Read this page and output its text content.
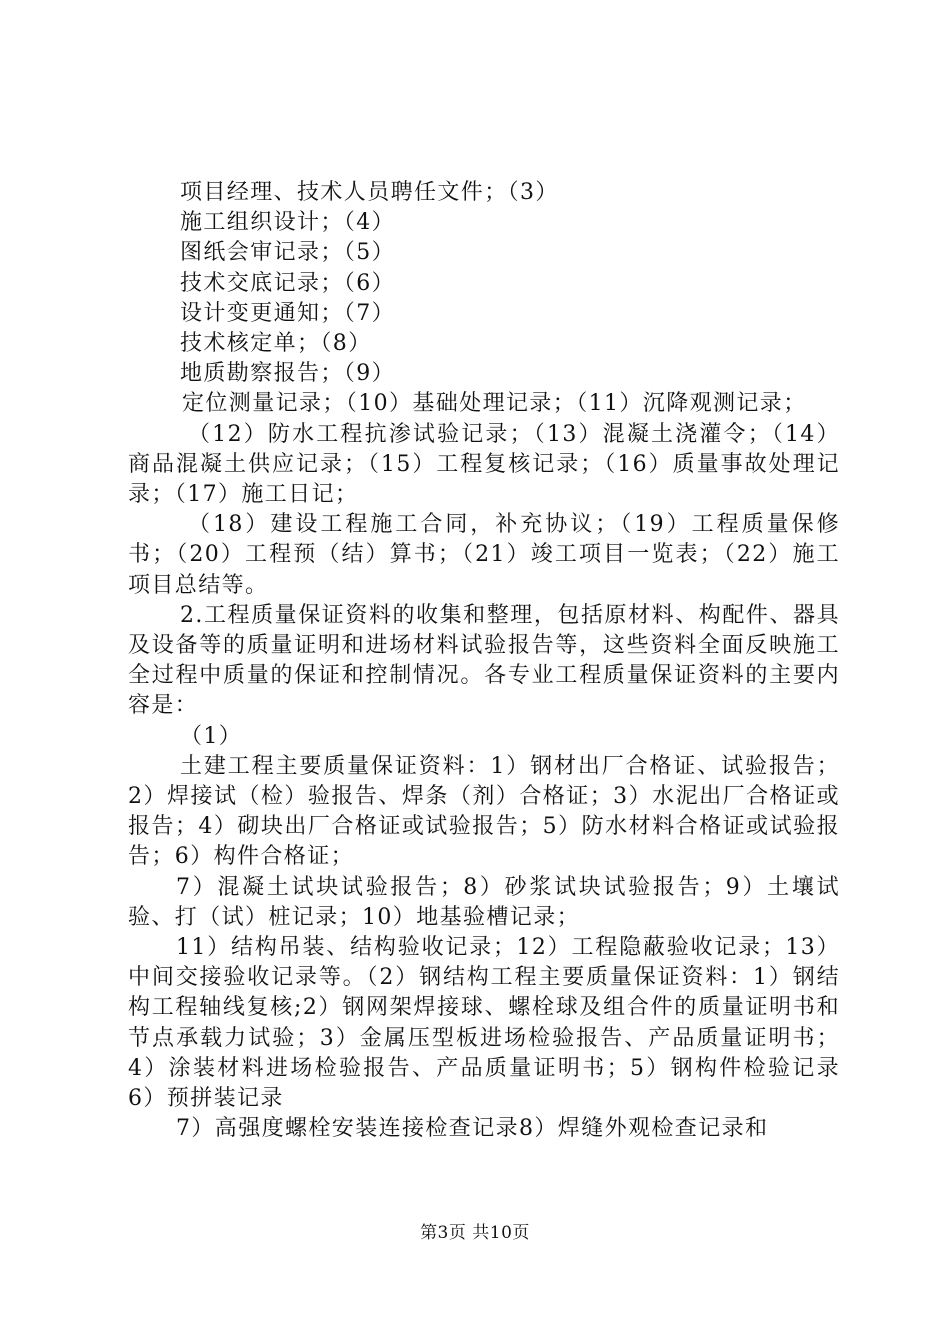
项目经理、技术人员聘任文件；（3）

施工组织设计；（4）

图纸会审记录；（5）

技术交底记录；（6）

设计变更通知；（7）

技术核定单；（8）

地质勘察报告；（9）

定位测量记录；（10）基础处理记录；（11）沉降观测记录；

（12）防水工程抗渗试验记录；（13）混凝土浇灌令；（14）商品混凝土供应记录；（15）工程复核记录；（16）质量事故处理记录；（17）施工日记；

（18）建设工程施工合同，补充协议；（19）工程质量保修书；（20）工程预（结）算书；（21）竣工项目一览表；（22）施工项目总结等。

2.工程质量保证资料的收集和整理，包括原材料、构配件、器具及设备等的质量证明和进场材料试验报告等，这些资料全面反映施工全过程中质量的保证和控制情况。各专业工程质量保证资料的主要内容是：

（1）

土建工程主要质量保证资料：1）钢材出厂合格证、试验报告；2）焊接试（检）验报告、焊条（剂）合格证；3）水泥出厂合格证或报告；4）砌块出厂合格证或试验报告；5）防水材料合格证或试验报告；6）构件合格证；

7）混凝土试块试验报告；8）砂浆试块试验报告；9）土壤试验、打（试）桩记录；10）地基验槽记录；

11）结构吊装、结构验收记录；12）工程隐蔽验收记录；13）中间交接验收记录等。（2）钢结构工程主要质量保证资料：1）钢结构工程轴线复核;2）钢网架焊接球、螺栓球及组合件的质量证明书和节点承载力试验；3）金属压型板进场检验报告、产品质量证明书；4）涂装材料进场检验报告、产品质量证明书；5）钢构件检验记录6）预拼装记录

7）高强度螺栓安装连接检查记录8）焊缝外观检查记录和

第3页 共10页
